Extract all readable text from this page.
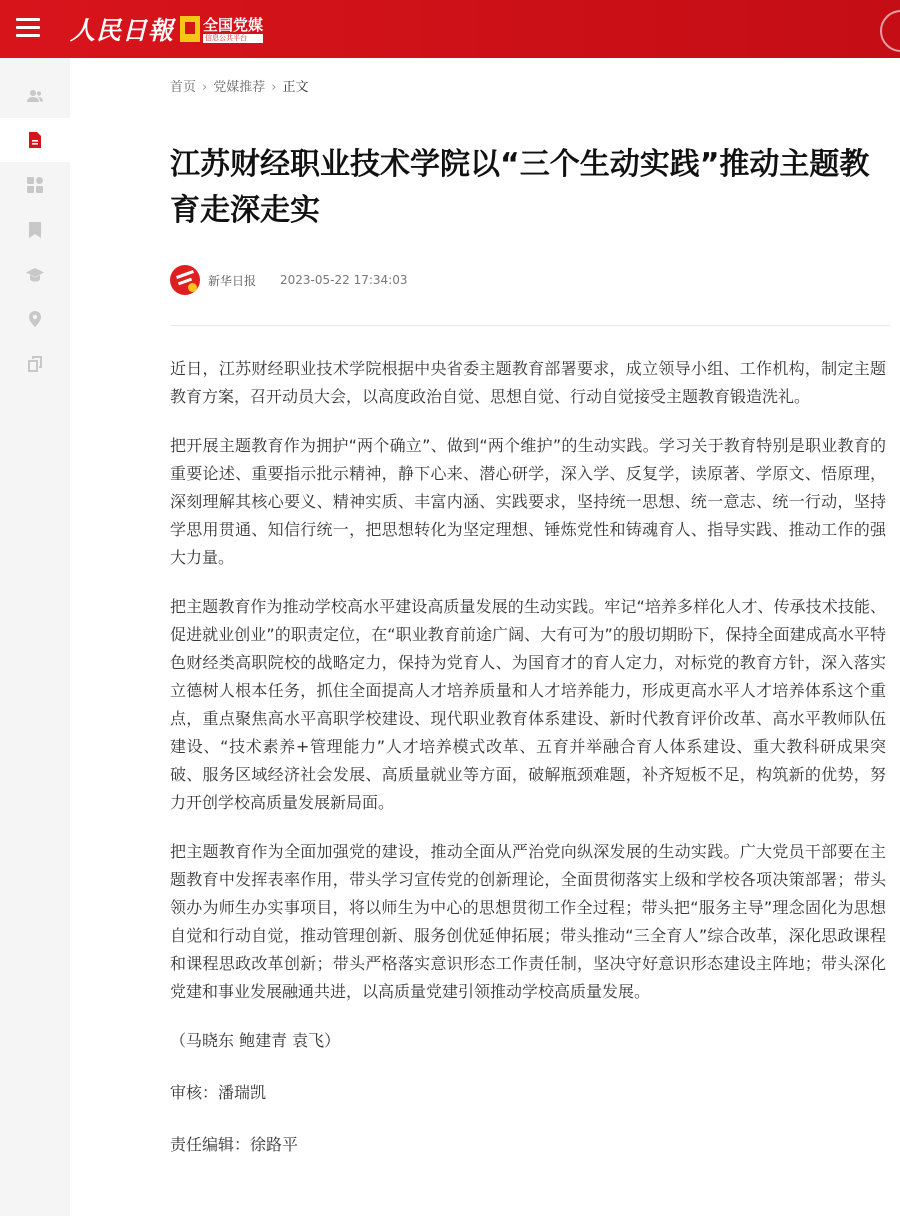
人民日報 全国党媒
信息公共平台
首页 › 党媒推荐 › 正文
江苏财经职业技术学院以“三个生动实践”推动主题教育走深走实
新华日报 2023-05-22 17:34:03

近日，江苏财经职业技术学院根据中央省委主题教育部署要求，成立领导小组、工作机构，制定主题教育方案，召开动员大会，以高度政治自觉、思想自觉、行动自觉接受主题教育锻造洗礼。

把开展主题教育作为拥护“两个确立”、做到“两个维护”的生动实践。学习关于教育特别是职业教育的重要论述、重要指示批示精神，静下心来、潜心研学，深入学、反复学，读原著、学原文、悟原理，深刻理解其核心要义、精神实质、丰富内涵、实践要求，坚持统一思想、统一意志、统一行动，坚持学思用贯通、知信行统一，把思想转化为坚定理想、锤炼党性和铸魂育人、指导实践、推动工作的强大力量。

把主题教育作为推动学校高水平建设高质量发展的生动实践。牢记“培养多样化人才、传承技术技能、促进就业创业”的职责定位，在“职业教育前途广阔、大有可为”的殷切期盼下，保持全面建成高水平特色财经类高职院校的战略定力，保持为党育人、为国育才的育人定力，对标党的教育方针，深入落实立德树人根本任务，抓住全面提高人才培养质量和人才培养能力，形成更高水平人才培养体系这个重点，重点聚焦高水平高职学校建设、现代职业教育体系建设、新时代教育评价改革、高水平教师队伍建设、“技术素养+管理能力”人才培养模式改革、五育并举融合育人体系建设、重大教科研成果突破、服务区域经济社会发展、高质量就业等方面，破解瓶颈难题，补齐短板不足，构筑新的优势，努力开创学校高质量发展新局面。

把主题教育作为全面加强党的建设，推动全面从严治党向纵深发展的生动实践。广大党员干部要在主题教育中发挥表率作用，带头学习宣传党的创新理论，全面贯彻落实上级和学校各项决策部署；带头领办为师生办实事项目，将以师生为中心的思想贯彻工作全过程；带头把“服务主导”理念固化为思想自觉和行动自觉，推动管理创新、服务创优延伸拓展；带头推动“三全育人”综合改革，深化思政课程和课程思政改革创新；带头严格落实意识形态工作责任制，坚决守好意识形态建设主阵地；带头深化党建和事业发展融通共进，以高质量党建引领推动学校高质量发展。

（马晓东 鲍建青 袁飞）

审核：潘瑞凯

责任编辑：徐路平
